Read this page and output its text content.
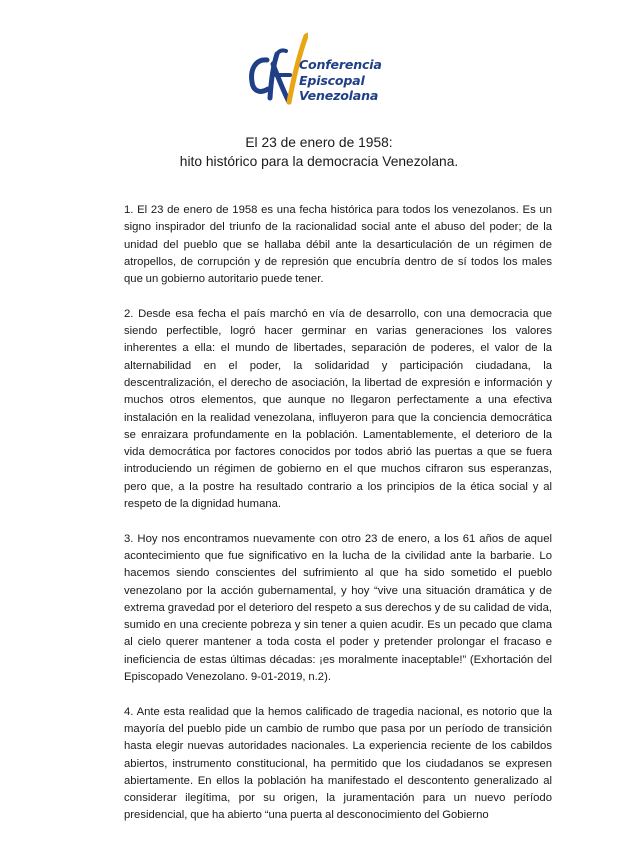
Conferencia
Episcopal
Venezolana
El 23 de enero de 1958:
hito histórico para la democracia Venezolana.

1. El 23 de enero de 1958 es una fecha histórica para todos los venezolanos. Es un signo inspirador del triunfo de la racionalidad social ante el abuso del poder; de la unidad del pueblo que se hallaba débil ante la desarticulación de un régimen de atropellos, de corrupción y de represión que encubría dentro de sí todos los males que un gobierno autoritario puede tener.

2. Desde esa fecha el país marchó en vía de desarrollo, con una democracia que siendo perfectible, logró hacer germinar en varias generaciones los valores inherentes a ella: el mundo de libertades, separación de poderes, el valor de la alternabilidad en el poder, la solidaridad y participación ciudadana, la descentralización, el derecho de asociación, la libertad de expresión e información y muchos otros elementos, que aunque no llegaron perfectamente a una efectiva instalación en la realidad venezolana, influyeron para que la conciencia democrática se enraizara profundamente en la población. Lamentablemente, el deterioro de la vida democrática por factores conocidos por todos abrió las puertas a que se fuera introduciendo un régimen de gobierno en el que muchos cifraron sus esperanzas, pero que, a la postre ha resultado contrario a los principios de la ética social y al respeto de la dignidad humana.

3. Hoy nos encontramos nuevamente con otro 23 de enero, a los 61 años de aquel acontecimiento que fue significativo en la lucha de la civilidad ante la barbarie. Lo hacemos siendo conscientes del sufrimiento al que ha sido sometido el pueblo venezolano por la acción gubernamental, y hoy “vive una situación dramática y de extrema gravedad por el deterioro del respeto a sus derechos y de su calidad de vida, sumido en una creciente pobreza y sin tener a quien acudir. Es un pecado que clama al cielo querer mantener a toda costa el poder y pretender prolongar el fracaso e ineficiencia de estas últimas décadas: ¡es moralmente inaceptable!” (Exhortación del Episcopado Venezolano. 9-01-2019, n.2).

4. Ante esta realidad que la hemos calificado de tragedia nacional, es notorio que la mayoría del pueblo pide un cambio de rumbo que pasa por un período de transición hasta elegir nuevas autoridades nacionales. La experiencia reciente de los cabildos abiertos, instrumento constitucional, ha permitido que los ciudadanos se expresen abiertamente. En ellos la población ha manifestado el descontento generalizado al considerar ilegítima, por su origen, la juramentación para un nuevo período presidencial, que ha abierto “una puerta al desconocimiento del Gobierno
